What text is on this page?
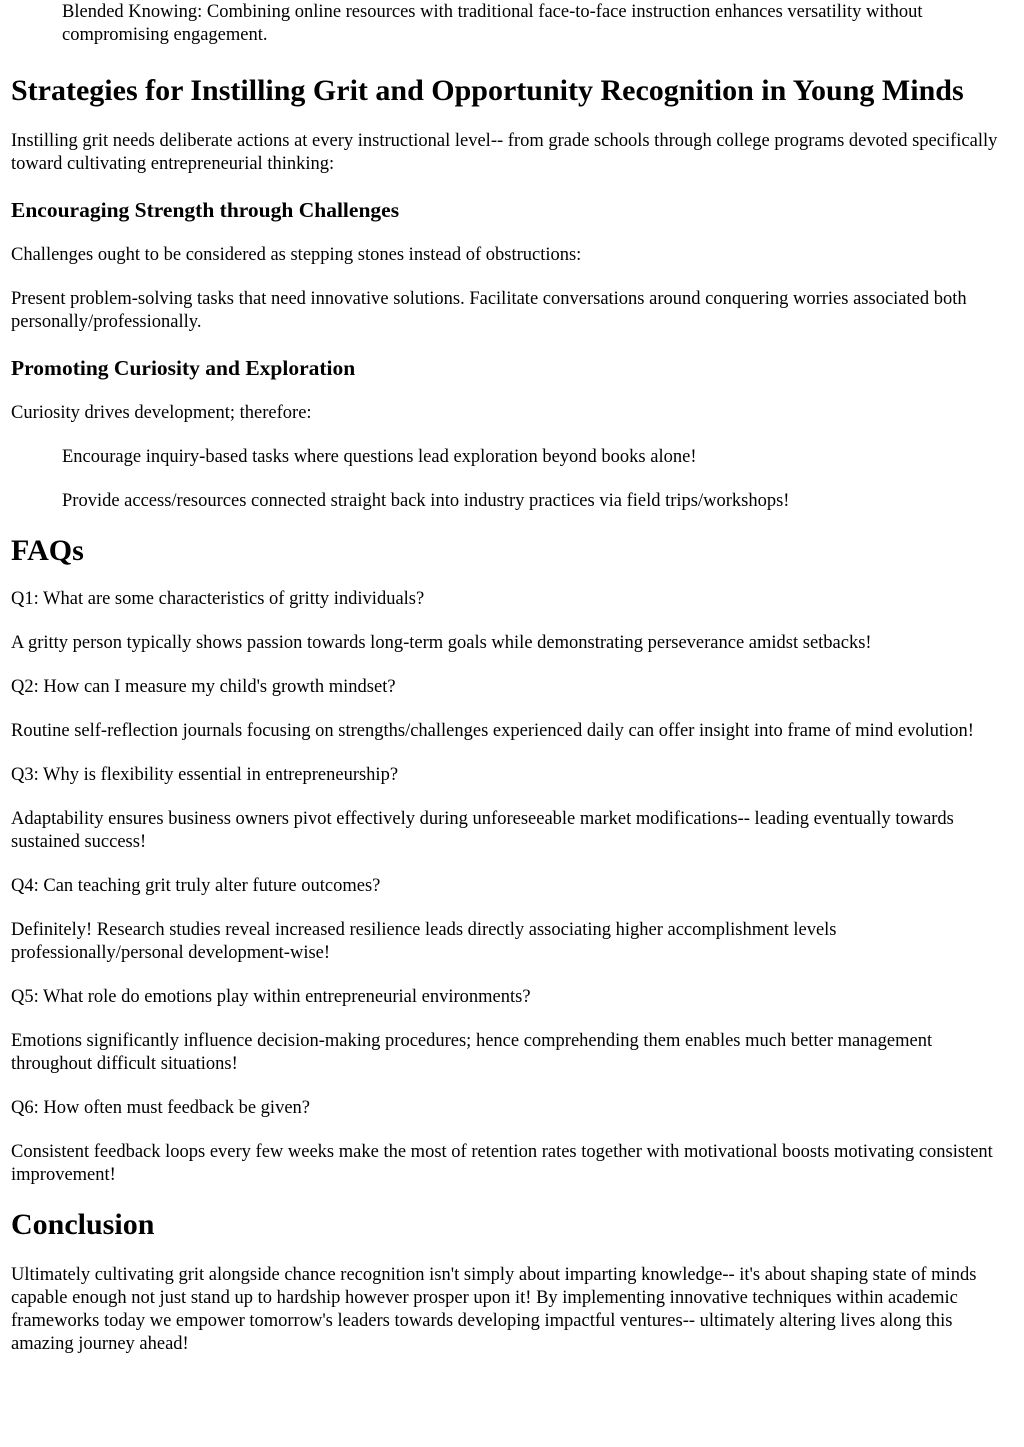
Blended Knowing: Combining online resources with traditional face-to-face instruction enhances versatility without compromising engagement.

Strategies for Instilling Grit and Opportunity Recognition in Young Minds

Instilling grit needs deliberate actions at every instructional level-- from grade schools through college programs devoted specifically toward cultivating entrepreneurial thinking:

Encouraging Strength through Challenges

Challenges ought to be considered as stepping stones instead of obstructions:

Present problem-solving tasks that need innovative solutions. Facilitate conversations around conquering worries associated both personally/professionally.

Promoting Curiosity and Exploration

Curiosity drives development; therefore:

Encourage inquiry-based tasks where questions lead exploration beyond books alone!

Provide access/resources connected straight back into industry practices via field trips/workshops!

FAQs

Q1: What are some characteristics of gritty individuals?

A gritty person typically shows passion towards long-term goals while demonstrating perseverance amidst setbacks!

Q2: How can I measure my child's growth mindset?

Routine self-reflection journals focusing on strengths/challenges experienced daily can offer insight into frame of mind evolution!

Q3: Why is flexibility essential in entrepreneurship?

Adaptability ensures business owners pivot effectively during unforeseeable market modifications-- leading eventually towards sustained success!

Q4: Can teaching grit truly alter future outcomes?

Definitely! Research studies reveal increased resilience leads directly associating higher accomplishment levels professionally/personal development-wise!

Q5: What role do emotions play within entrepreneurial environments?

Emotions significantly influence decision-making procedures; hence comprehending them enables much better management throughout difficult situations!

Q6: How often must feedback be given?

Consistent feedback loops every few weeks make the most of retention rates together with motivational boosts motivating consistent improvement!

Conclusion

Ultimately cultivating grit alongside chance recognition isn't simply about imparting knowledge-- it's about shaping state of minds capable enough not just stand up to hardship however prosper upon it! By implementing innovative techniques within academic frameworks today we empower tomorrow's leaders towards developing impactful ventures-- ultimately altering lives along this amazing journey ahead!
